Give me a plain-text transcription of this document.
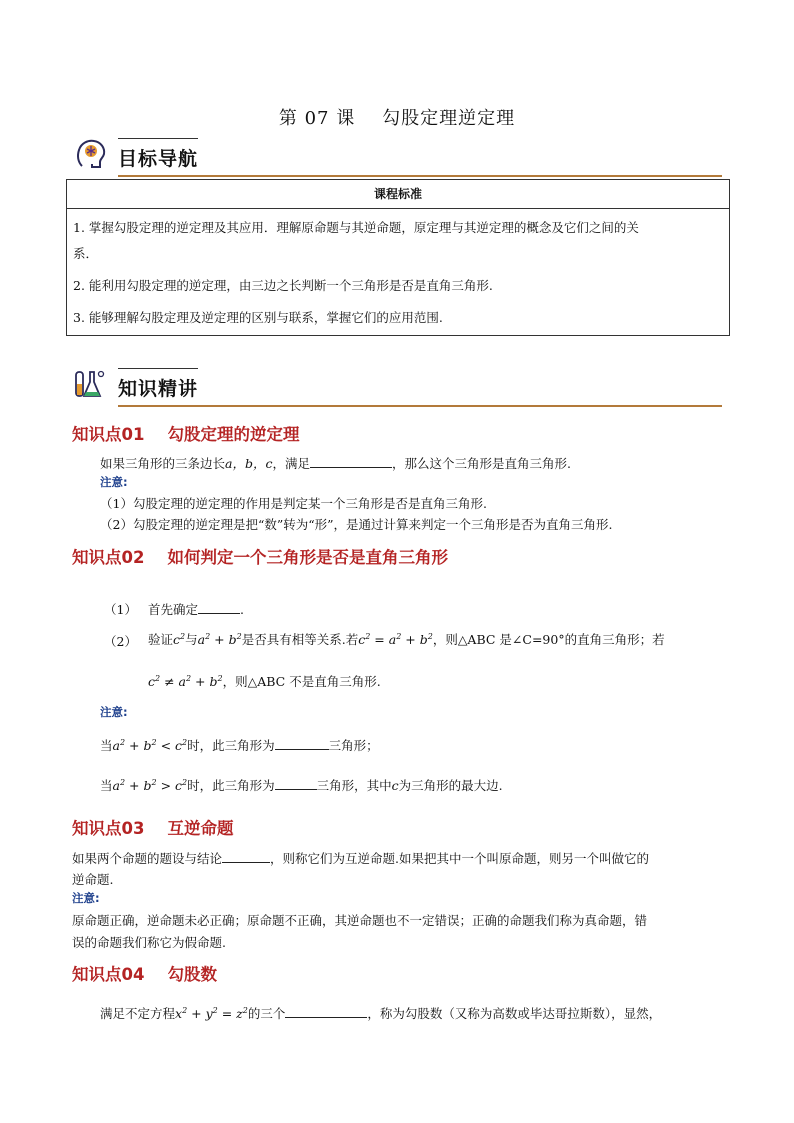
第 07 课    勾股定理逆定理
目标导航
课程标准
1. 掌握勾股定理的逆定理及其应用．理解原命题与其逆命题，原定理与其逆定理的概念及它们之间的关
系．
2. 能利用勾股定理的逆定理，由三边之长判断一个三角形是否是直角三角形.
3. 能够理解勾股定理及逆定理的区别与联系，掌握它们的应用范围.
知识精讲
知识点01    勾股定理的逆定理
如果三角形的三条边长a，b，c，满足	，那么这个三角形是直角三角形.
注意:
（1）勾股定理的逆定理的作用是判定某一个三角形是否是直角三角形.
（2）勾股定理的逆定理是把“数”转为“形”，是通过计算来判定一个三角形是否为直角三角形.
知识点02    如何判定一个三角形是否是直角三角形
（1） 首先确定	.
（2） 验证$c^2$与$a^2 + b^2$是否具有相等关系.若$c^2 = a^2 + b^2$，则△ABC 是∠C=90°的直角三角形；若
$c^2 \ne a^2 + b^2$，则△ABC 不是直角三角形.
注意:
当$a^2 + b^2 < c^2$时，此三角形为	三角形；
当$a^2 + b^2 > c^2$时，此三角形为	三角形，其中c为三角形的最大边.
知识点03    互逆命题
如果两个命题的题设与结论	，则称它们为互逆命题.如果把其中一个叫原命题，则另一个叫做它的
逆命题.
注意:
原命题正确，逆命题未必正确；原命题不正确，其逆命题也不一定错误；正确的命题我们称为真命题，错
误的命题我们称它为假命题.
知识点04    勾股数
满足不定方程$x^2 + y^2 = z^2$的三个	，称为勾股数（又称为高数或毕达哥拉斯数），显然，
